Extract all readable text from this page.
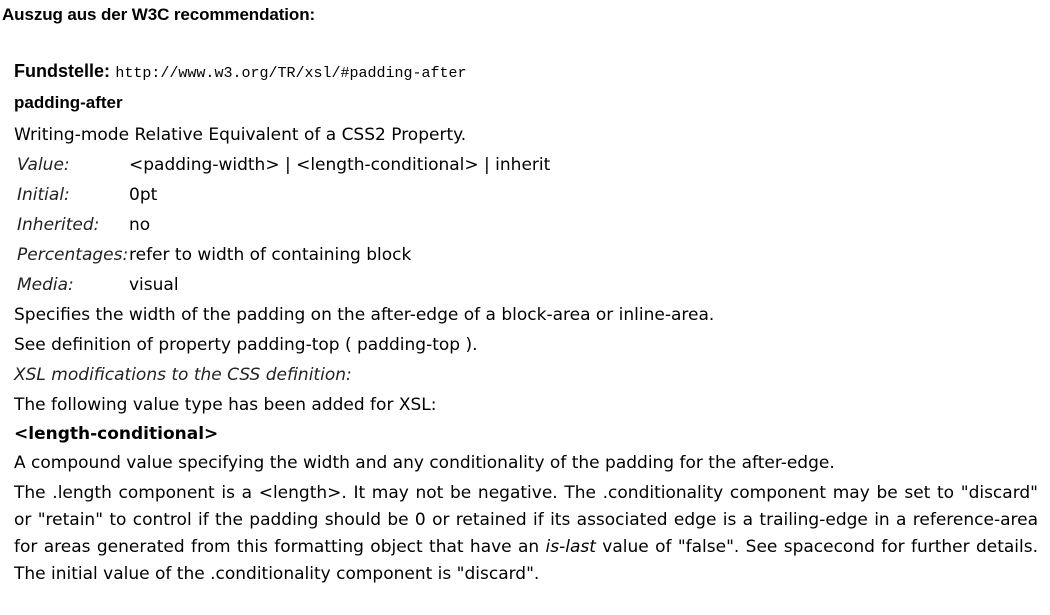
Auszug aus der W3C recommendation:
Fundstelle: http://www.w3.org/TR/xsl/#padding-after
padding-after
Writing-mode Relative Equivalent of a CSS2 Property.
Value:	<padding-width> | <length-conditional> | inherit
Initial:	0pt
Inherited:	no
Percentages:	refer to width of containing block
Media:	visual
Specifies the width of the padding on the after-edge of a block-area or inline-area.
See definition of property padding-top ( padding-top ).
XSL modifications to the CSS definition:
The following value type has been added for XSL:
<length-conditional>
A compound value specifying the width and any conditionality of the padding for the after-edge.
The .length component is a <length>. It may not be negative. The .conditionality component may be set to "discard" or "retain" to control if the padding should be 0 or retained if its associated edge is a trailing-edge in a reference-area for areas generated from this formatting object that have an is-last value of "false". See spacecond for further details. The initial value of the .conditionality component is "discard".
